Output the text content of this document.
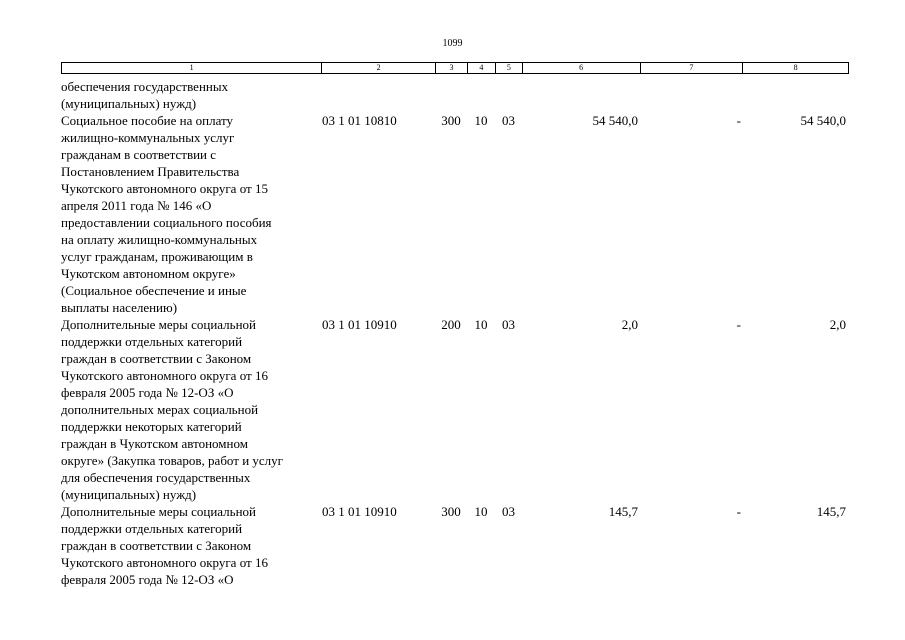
1099
1	2	3	4	5	6	7	8
обеспечения государственных
(муниципальных) нужд)
Социальное пособие на оплату
жилищно-коммунальных услуг
гражданам в соответствии с
Постановлением Правительства
Чукотского автономного округа от 15
апреля 2011 года № 146 «О
предоставлении социального пособия
на оплату жилищно-коммунальных
услуг гражданам, проживающим в
Чукотском автономном округе»
(Социальное обеспечение и иные
выплаты населению)
03 1 01 10810	300	10	03	54 540,0	-	54 540,0
Дополнительные меры социальной
поддержки отдельных категорий
граждан в соответствии с Законом
Чукотского автономного округа от 16
февраля 2005 года № 12-ОЗ «О
дополнительных мерах социальной
поддержки некоторых категорий
граждан в Чукотском автономном
округе» (Закупка товаров, работ и услуг
для обеспечения государственных
(муниципальных) нужд)
03 1 01 10910	200	10	03	2,0	-	2,0
Дополнительные меры социальной
поддержки отдельных категорий
граждан в соответствии с Законом
Чукотского автономного округа от 16
февраля 2005 года № 12-ОЗ «О
03 1 01 10910	300	10	03	145,7	-	145,7
